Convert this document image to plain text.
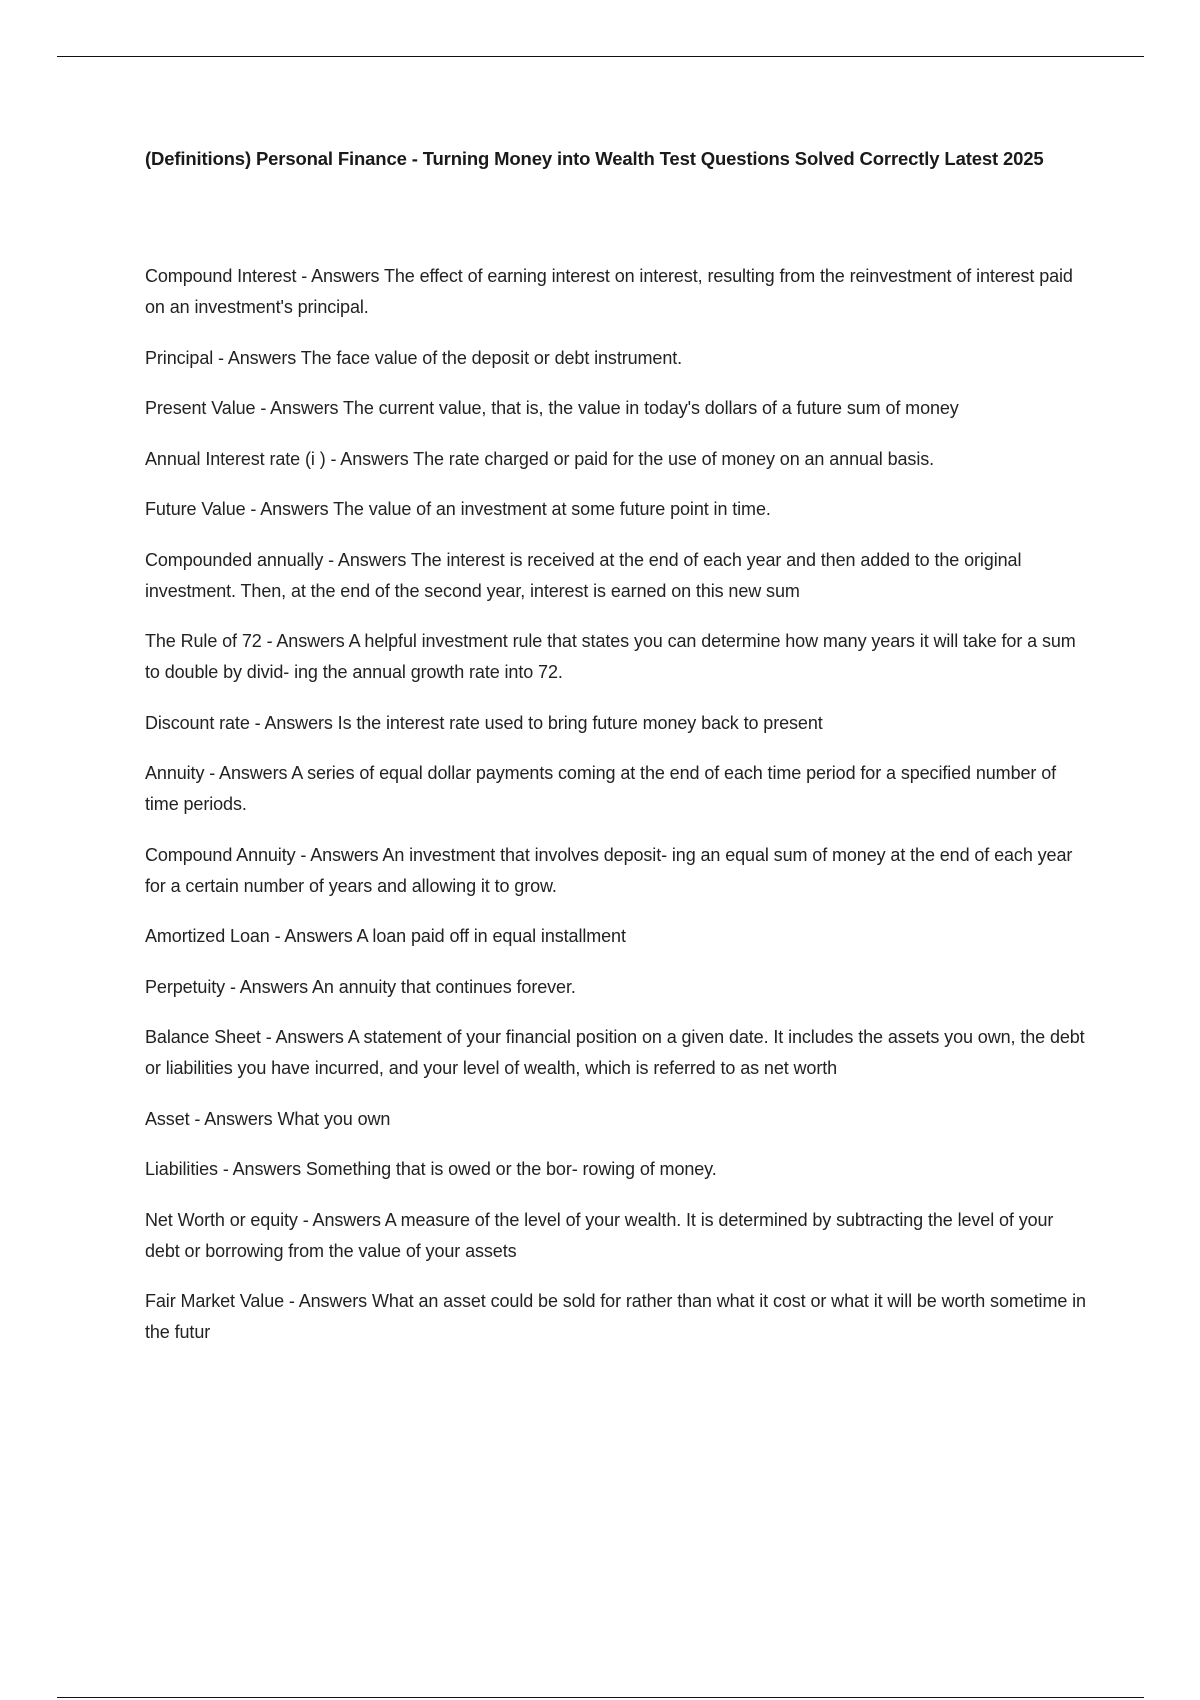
(Definitions) Personal Finance - Turning Money into Wealth Test Questions Solved Correctly Latest 2025
Compound Interest - Answers The effect of earning interest on interest, resulting from the reinvestment of interest paid on an investment's principal.
Principal - Answers The face value of the deposit or debt instrument.
Present Value - Answers The current value, that is, the value in today's dollars of a future sum of money
Annual Interest rate (i ) - Answers The rate charged or paid for the use of money on an annual basis.
Future Value - Answers The value of an investment at some future point in time.
Compounded annually - Answers The interest is received at the end of each year and then added to the original investment. Then, at the end of the second year, interest is earned on this new sum
The Rule of 72 - Answers A helpful investment rule that states you can determine how many years it will take for a sum to double by divid- ing the annual growth rate into 72.
Discount rate - Answers Is the interest rate used to bring future money back to present
Annuity - Answers A series of equal dollar payments coming at the end of each time period for a specified number of time periods.
Compound Annuity - Answers An investment that involves deposit- ing an equal sum of money at the end of each year for a certain number of years and allowing it to grow.
Amortized Loan - Answers A loan paid off in equal installment
Perpetuity - Answers An annuity that continues forever.
Balance Sheet - Answers A statement of your financial position on a given date. It includes the assets you own, the debt or liabilities you have incurred, and your level of wealth, which is referred to as net worth
Asset - Answers What you own
Liabilities - Answers Something that is owed or the bor- rowing of money.
Net Worth or equity - Answers A measure of the level of your wealth. It is determined by subtracting the level of your debt or borrowing from the value of your assets
Fair Market Value - Answers What an asset could be sold for rather than what it cost or what it will be worth sometime in the futur
